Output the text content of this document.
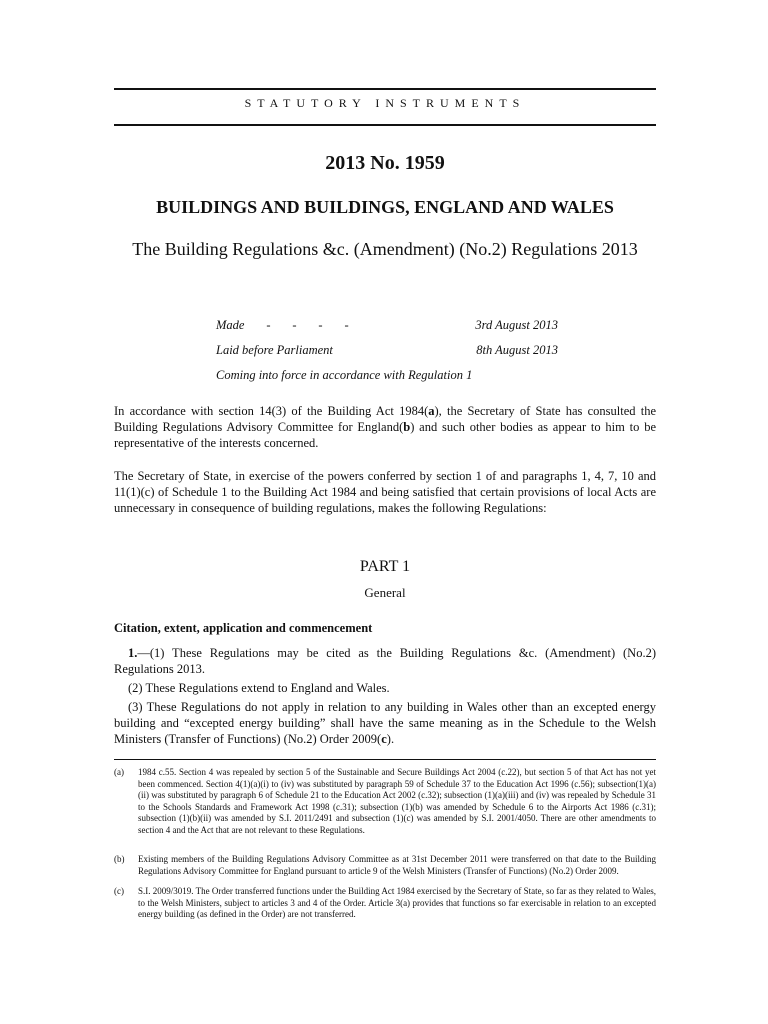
STATUTORY INSTRUMENTS
2013 No. 1959
BUILDINGS AND BUILDINGS, ENGLAND AND WALES
The Building Regulations &c. (Amendment) (No.2) Regulations 2013
Made       -       -       -       -	3rd August 2013
Laid before Parliament	8th August 2013
Coming into force in accordance with Regulation 1

In accordance with section 14(3) of the Building Act 1984(a), the Secretary of State has consulted the Building Regulations Advisory Committee for England(b) and such other bodies as appear to him to be representative of the interests concerned.

The Secretary of State, in exercise of the powers conferred by section 1 of and paragraphs 1, 4, 7, 10 and 11(1)(c) of Schedule 1 to the Building Act 1984 and being satisfied that certain provisions of local Acts are unnecessary in consequence of building regulations, makes the following Regulations:

PART 1
General
Citation, extent, application and commencement

1.—(1) These Regulations may be cited as the Building Regulations &c. (Amendment) (No.2) Regulations 2013.

(2) These Regulations extend to England and Wales.

(3) These Regulations do not apply in relation to any building in Wales other than an excepted energy building and “excepted energy building” shall have the same meaning as in the Schedule to the Welsh Ministers (Transfer of Functions) (No.2) Order 2009(c).

(a)	1984 c.55. Section 4 was repealed by section 5 of the Sustainable and Secure Buildings Act 2004 (c.22), but section 5 of that Act has not yet been commenced. Section 4(1)(a)(i) to (iv) was substituted by paragraph 59 of Schedule 37 to the Education Act 1996 (c.56); subsection(1)(a)(ii) was substituted by paragraph 6 of Schedule 21 to the Education Act 2002 (c.32); subsection (1)(a)(iii) and (iv) was repealed by Schedule 31 to the Schools Standards and Framework Act 1998 (c.31); subsection (1)(b) was amended by Schedule 6 to the Airports Act 1986 (c.31); subsection (1)(b)(ii) was amended by S.I. 2011/2491 and subsection (1)(c) was amended by S.I. 2001/4050. There are other amendments to section 4 and the Act that are not relevant to these Regulations.
(b)	Existing members of the Building Regulations Advisory Committee as at 31st December 2011 were transferred on that date to the Building Regulations Advisory Committee for England pursuant to article 9 of the Welsh Ministers (Transfer of Functions) (No.2) Order 2009.
(c)	S.I. 2009/3019. The Order transferred functions under the Building Act 1984 exercised by the Secretary of State, so far as they related to Wales, to the Welsh Ministers, subject to articles 3 and 4 of the Order. Article 3(a) provides that functions so far exercisable in relation to an excepted energy building (as defined in the Order) are not transferred.
